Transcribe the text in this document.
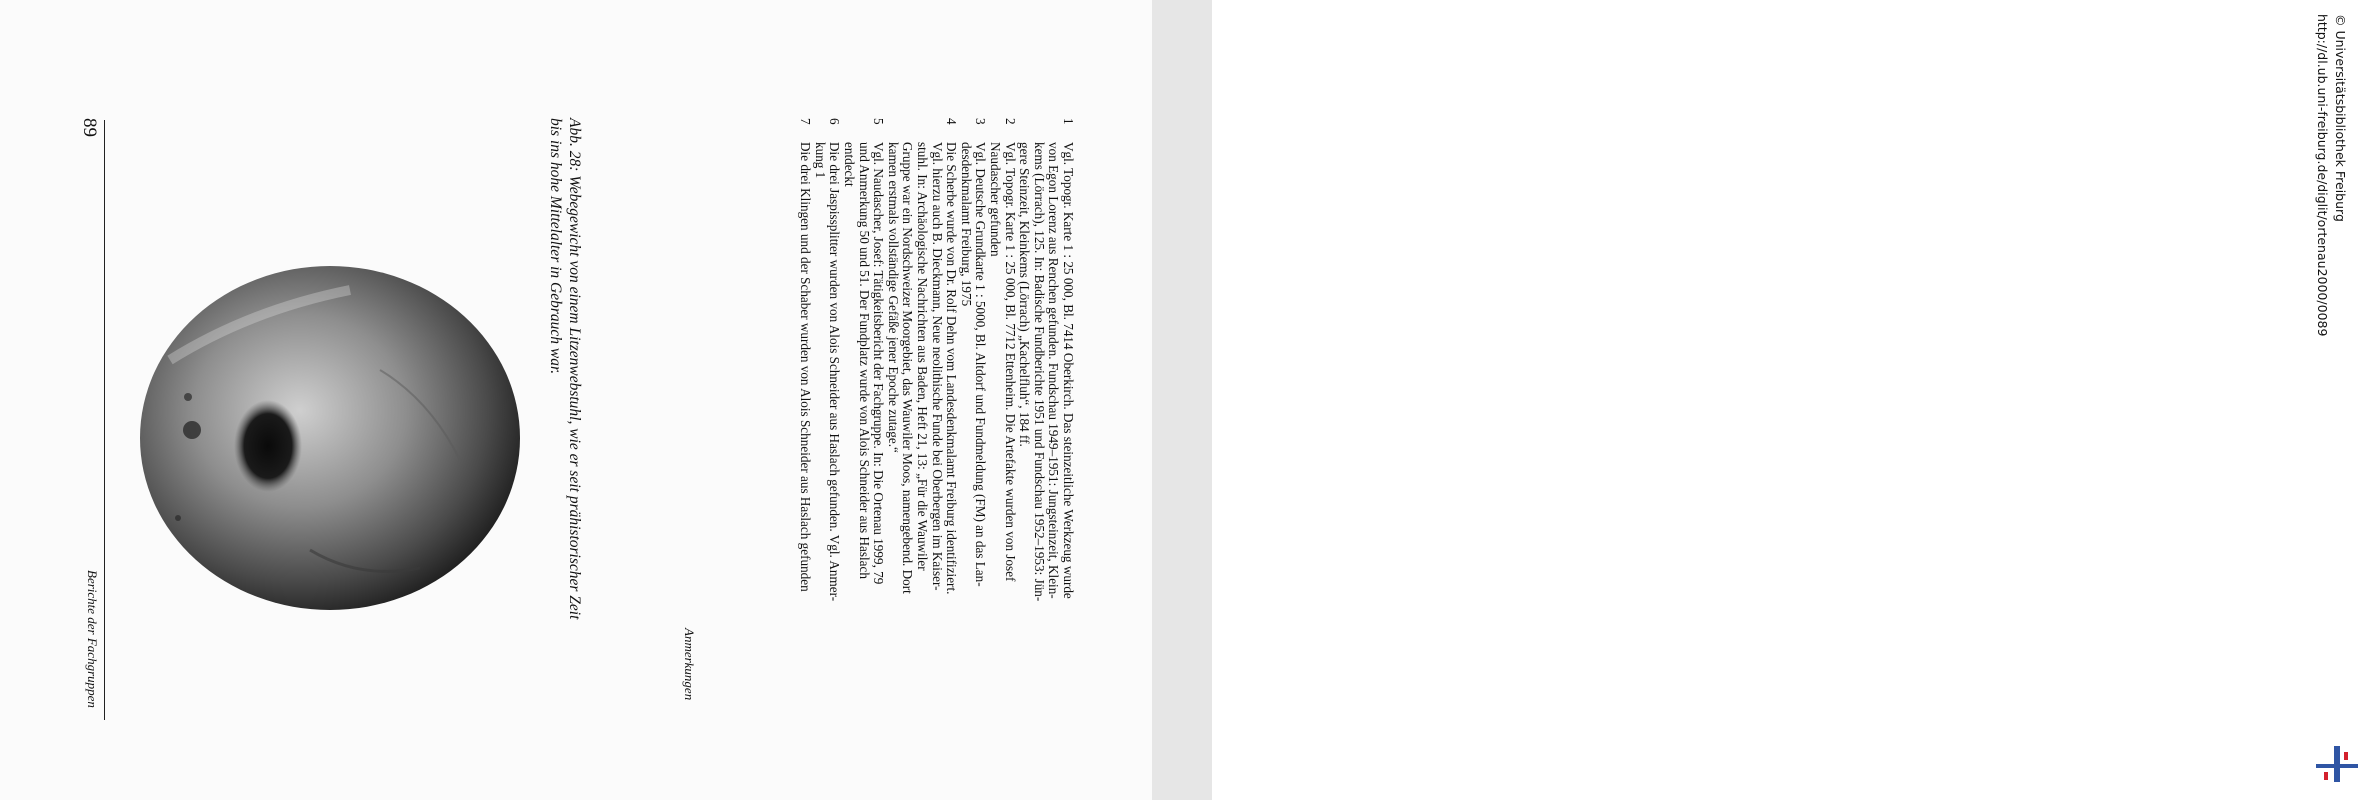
Berichte der Fachgruppen
89	Abb. 28: Webegewicht von einem Litzenwebstuhl, wie er seit prähistorischer Zeit
bis ins hohe Mittelalter in Gebrauch war.
Anmerkungen
1
Vgl. Topogr. Karte 1 : 25 000, Bl. 7414 Oberkirch. Das steinzeitliche Werkzeug wurde
von Egon Lorenz aus Renchen gefunden. Fundschau 1949–1951: Jungsteinzeit, Klein-
kems (Lörrach), 125. In: Badische Fundberichte 1951 und Fundschau 1952–1953: Jün-
gere Steinzeit, Kleinkems (Lörrach) „Kachelfluh“, 184 ff.
2
Vgl. Topogr. Karte 1 : 25 000, Bl. 7712 Ettenheim. Die Artefakte wurden von Josef
Naudascher gefunden
3
Vgl. Deutsche Grundkarte 1 : 5000, Bl. Altdorf und Fundmeldung (FM) an das Lan-
desdenkmalamt Freiburg, 1975
4
Die Scherbe wurde von Dr. Rolf Dehn vom Landesdenkmalamt Freiburg identifiziert.
Vgl. hierzu auch B. Dieckmann, Neue neolithische Funde bei Oberbergen im Kaiser-
stuhl. In: Archäologische Nachrichten aus Baden, Heft 21, 13: „Für die Wauwiler
Gruppe war ein Nordschweizer Moorgebiet, das Wauwiler Moos, namengebend. Dort
kamen erstmals vollständige Gefäße jener Epoche zutage.“
5
Vgl. Naudascher, Josef: Tätigkeitsbericht der Fachgruppe. In: Die Ortenau 1999, 79
und Anmerkung 50 und 51. Der Fundplatz wurde von Alois Schneider aus Haslach
entdeckt
6
Die drei Jaspissplitter wurden von Alois Schneider aus Haslach gefunden. Vgl. Anmer-
kung 1
7
Die drei Klingen und der Schaber wurden von Alois Schneider aus Haslach gefunden	http://dl.ub.uni-freiburg.de/diglit/ortenau2000/0089 © Universitätsbibliothek Freiburg
